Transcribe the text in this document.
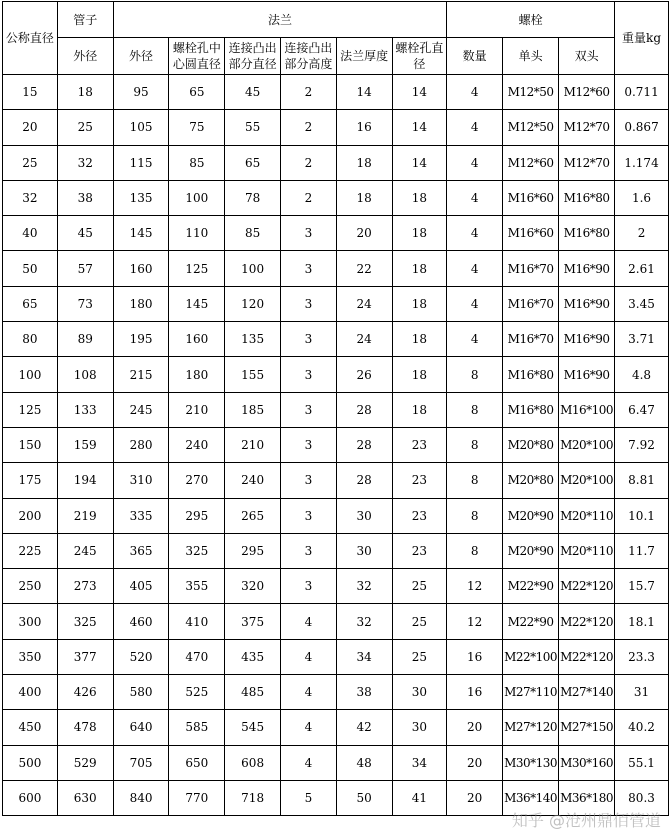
公称直径	管子	法兰						螺栓			重量kg
	外径	外径	螺栓孔中心圆直径	连接凸出部分直径	连接凸出部分高度	法兰厚度	螺栓孔直径	数量	单头	双头	
15	18	95	65	45	2	14	14	4	M12*50	M12*60	0.711
20	25	105	75	55	2	16	14	4	M12*50	M12*70	0.867
25	32	115	85	65	2	18	14	4	M12*60	M12*70	1.174
32	38	135	100	78	2	18	18	4	M16*60	M16*80	1.6
40	45	145	110	85	3	20	18	4	M16*60	M16*80	2
50	57	160	125	100	3	22	18	4	M16*70	M16*90	2.61
65	73	180	145	120	3	24	18	4	M16*70	M16*90	3.45
80	89	195	160	135	3	24	18	4	M16*70	M16*90	3.71
100	108	215	180	155	3	26	18	8	M16*80	M16*90	4.8
125	133	245	210	185	3	28	18	8	M16*80	M16*100	6.47
150	159	280	240	210	3	28	23	8	M20*80	M20*100	7.92
175	194	310	270	240	3	28	23	8	M20*80	M20*100	8.81
200	219	335	295	265	3	30	23	8	M20*90	M20*110	10.1
225	245	365	325	295	3	30	23	8	M20*90	M20*110	11.7
250	273	405	355	320	3	32	25	12	M22*90	M22*120	15.7
300	325	460	410	375	4	32	25	12	M22*90	M22*120	18.1
350	377	520	470	435	4	34	25	16	M22*100	M22*120	23.3
400	426	580	525	485	4	38	30	16	M27*110	M27*140	31
450	478	640	585	545	4	42	30	20	M27*120	M27*150	40.2
500	529	705	650	608	4	48	34	20	M30*130	M30*160	55.1
600	630	840	770	718	5	50	41	20	M36*140	M36*180	80.3
知乎 @沧州鼎佰管道
